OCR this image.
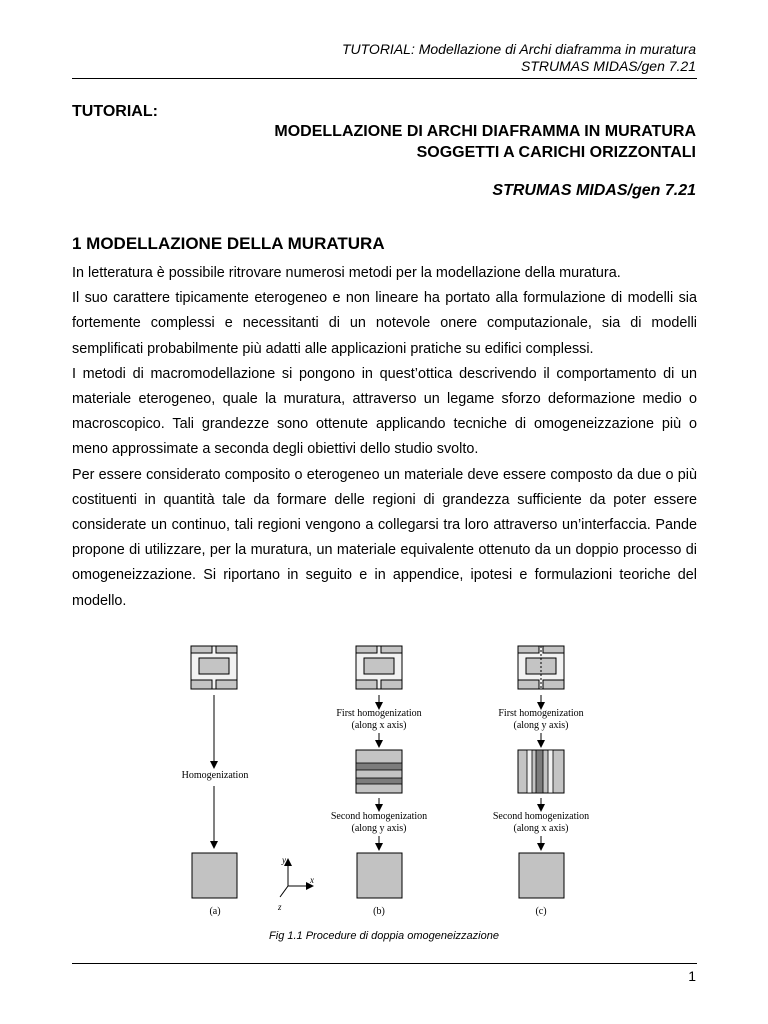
TUTORIAL: Modellazione di Archi diaframma in muratura
STRUMAS MIDAS/gen 7.21
TUTORIAL:
MODELLAZIONE DI ARCHI DIAFRAMMA IN MURATURA
SOGGETTI A CARICHI ORIZZONTALI
STRUMAS MIDAS/gen 7.21
1 MODELLAZIONE DELLA MURATURA

In letteratura è possibile ritrovare numerosi metodi per la modellazione della muratura.

Il suo carattere tipicamente eterogeneo e non lineare ha portato alla formulazione di modelli sia fortemente complessi e necessitanti di un notevole onere computazionale, sia di modelli semplificati probabilmente più adatti alle applicazioni pratiche su edifici complessi.

I metodi di macromodellazione si pongono in quest’ottica descrivendo il comportamento di un materiale eterogeneo, quale la muratura, attraverso un legame sforzo deformazione medio o macroscopico. Tali grandezze sono ottenute applicando tecniche di omogeneizzazione più o meno approssimate a seconda degli obiettivi dello studio svolto.

Per essere considerato composito o eterogeneo un materiale deve essere composto da due o più costituenti in quantità tale da formare delle regioni di grandezza sufficiente da poter essere considerate un continuo, tali regioni vengono a collegarsi tra loro attraverso un’interfaccia. Pande propone di utilizzare, per la muratura, un materiale equivalente ottenuto da un doppio processo di omogeneizzazione. Si riportano in seguito e in appendice, ipotesi e formulazioni teoriche del modello.

Homogenization
(a)
y
x
z
First homogenization
(along x axis)
Second homogenization
(along y axis)
(b)
First homogenization
(along y axis)
Second homogenization
(along x axis)
(c)
Fig 1.1 Procedure di doppia omogeneizzazione
1
